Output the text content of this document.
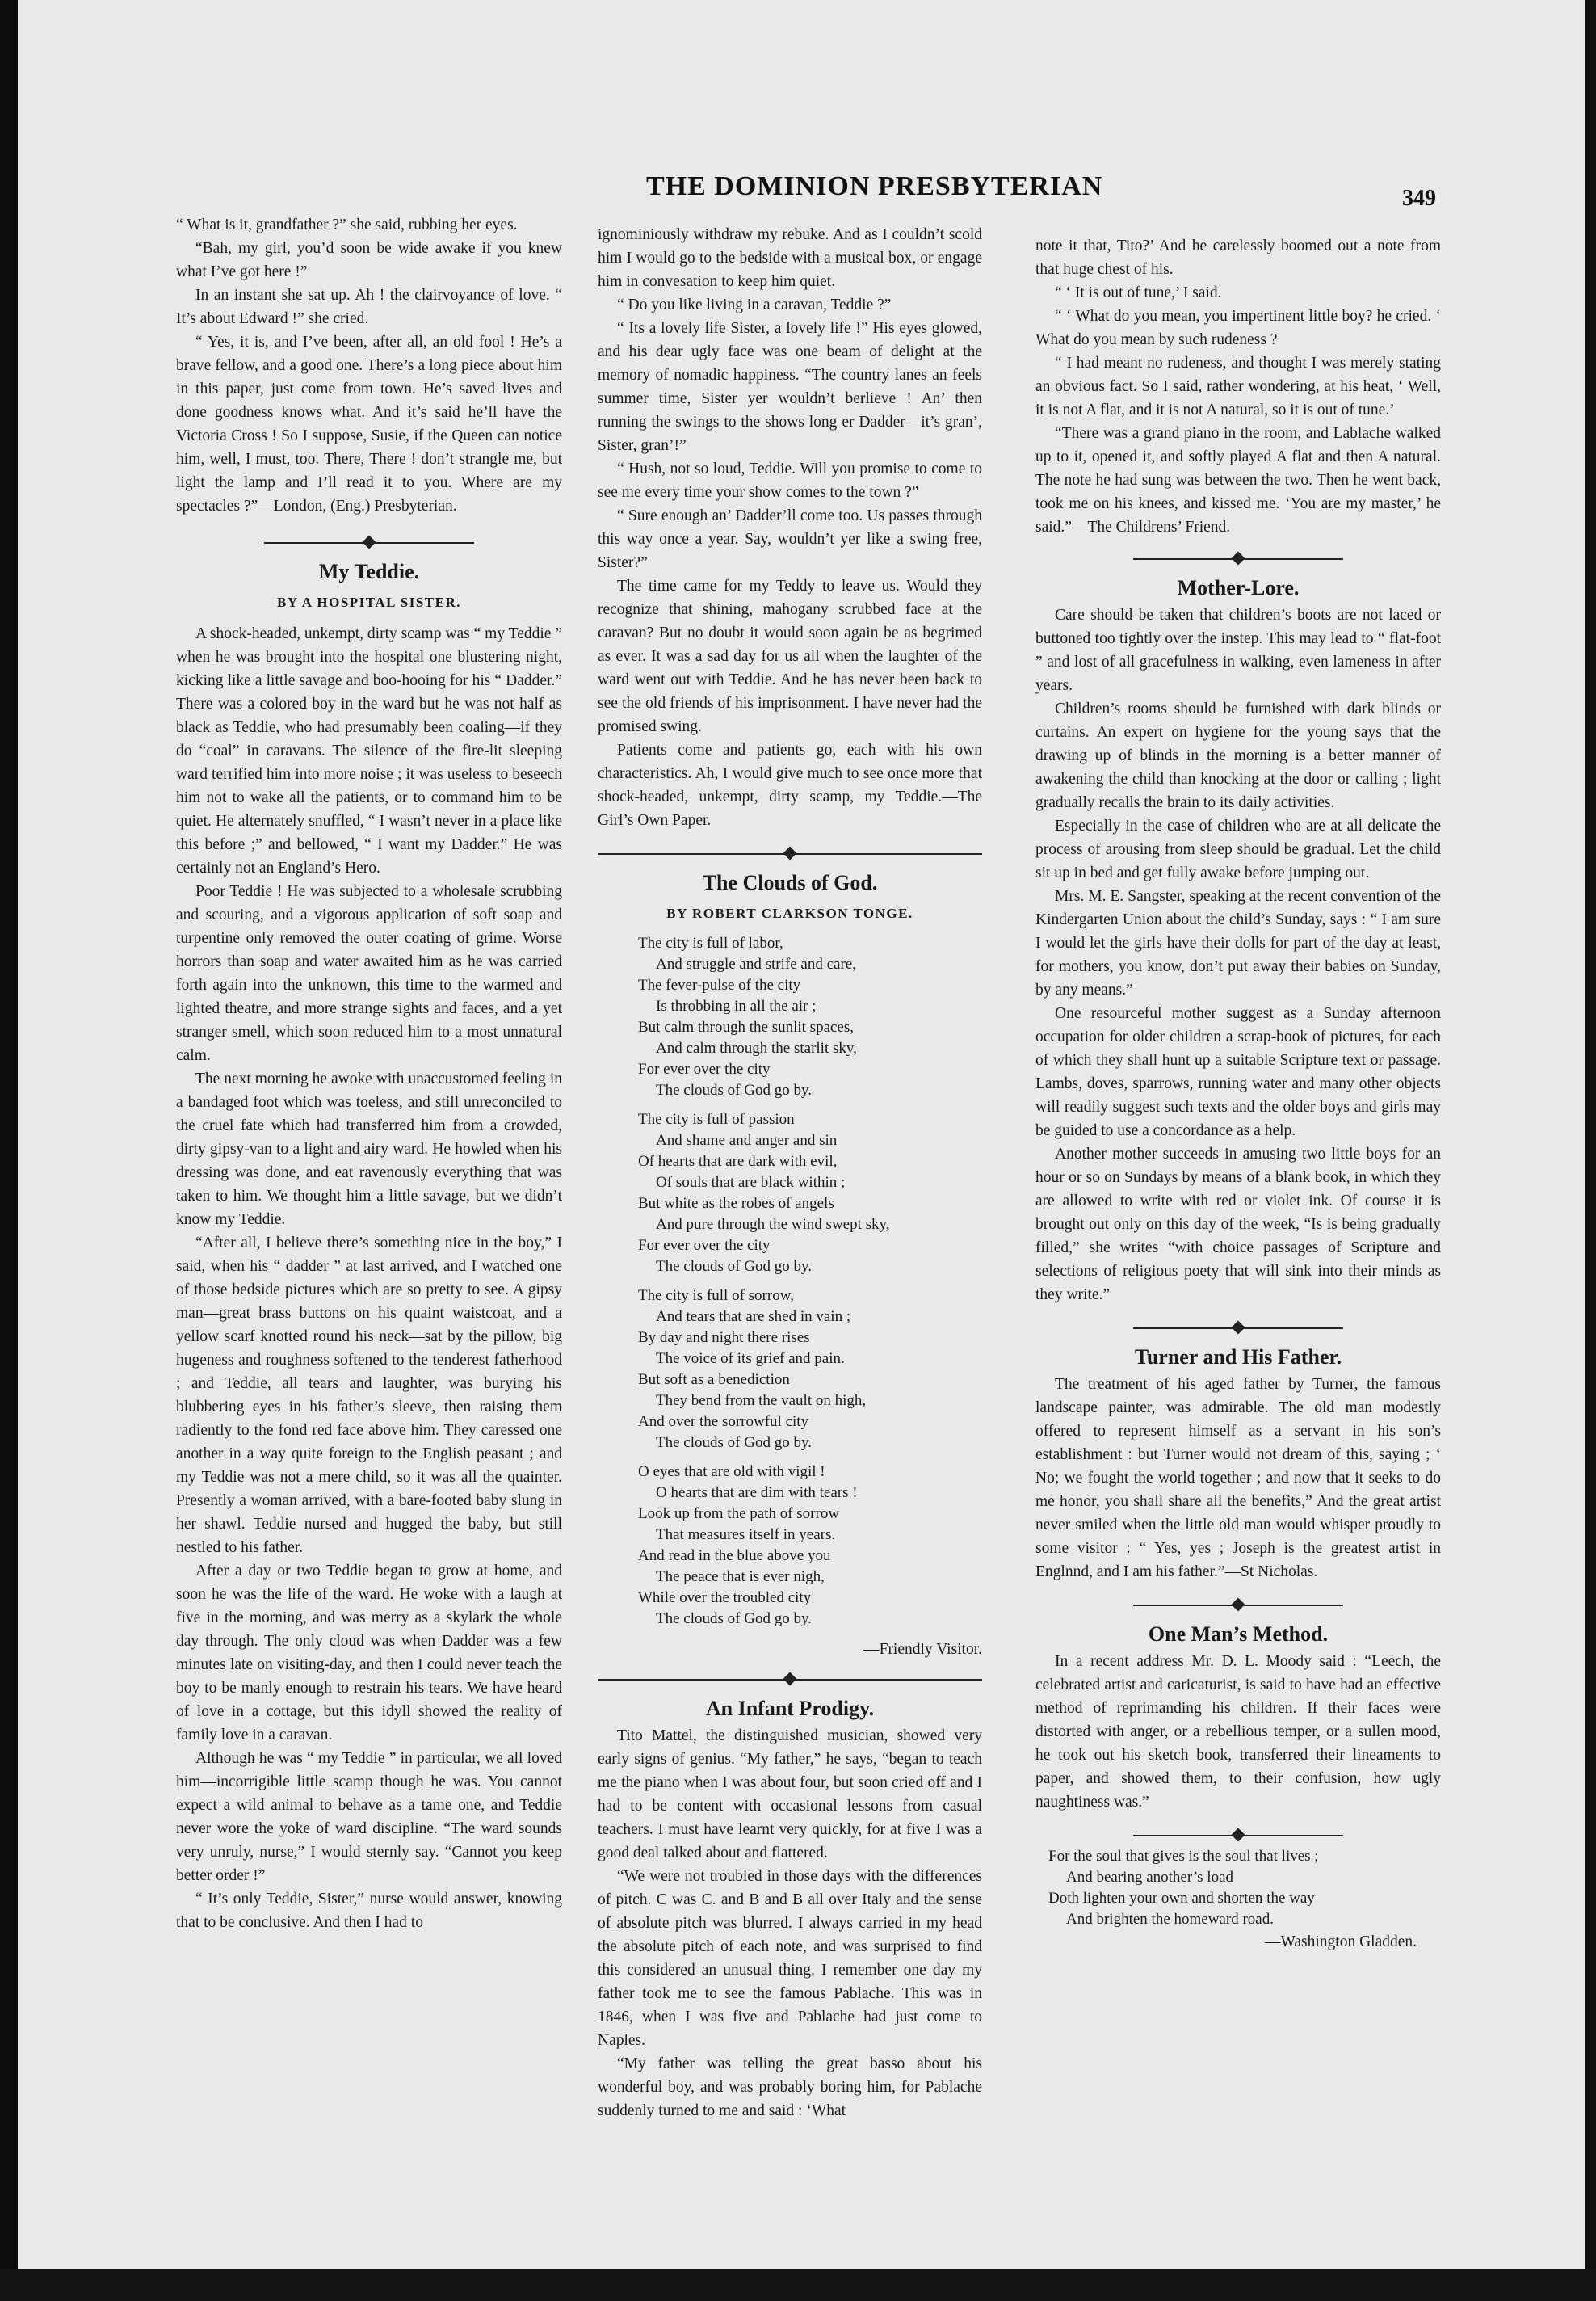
THE DOMINION PRESBYTERIAN	349

“ What is it, grandfather ?” she said, rubbing her eyes.

“Bah, my girl, you’d soon be wide awake if you knew what I’ve got here !”

In an instant she sat up. Ah ! the clairvoyance of love. “ It’s about Edward !” she cried.

“ Yes, it is, and I’ve been, after all, an old fool ! He’s a brave fellow, and a good one. There’s a long piece about him in this paper, just come from town. He’s saved lives and done goodness knows what. And it’s said he’ll have the Victoria Cross ! So I suppose, Susie, if the Queen can notice him, well, I must, too. There, There ! don’t strangle me, but light the lamp and I’ll read it to you. Where are my spectacles ?”—London, (Eng.) Presbyterian.

My Teddie.
BY A HOSPITAL SISTER.

A shock-headed, unkempt, dirty scamp was “ my Teddie ” when he was brought into the hospital one blustering night, kicking like a little savage and boo-hooing for his “ Dadder.” There was a colored boy in the ward but he was not half as black as Teddie, who had presumably been coaling—if they do “coal” in caravans. The silence of the fire-lit sleeping ward terrified him into more noise ; it was useless to beseech him not to wake all the patients, or to command him to be quiet. He alternately snuffled, “ I wasn’t never in a place like this before ;” and bellowed, “ I want my Dadder.” He was certainly not an England’s Hero.

Poor Teddie ! He was subjected to a wholesale scrubbing and scouring, and a vigorous application of soft soap and turpentine only removed the outer coating of grime. Worse horrors than soap and water awaited him as he was carried forth again into the unknown, this time to the warmed and lighted theatre, and more strange sights and faces, and a yet stranger smell, which soon reduced him to a most unnatural calm.

The next morning he awoke with unaccustomed feeling in a bandaged foot which was toeless, and still unreconciled to the cruel fate which had transferred him from a crowded, dirty gipsy-van to a light and airy ward. He howled when his dressing was done, and eat ravenously everything that was taken to him. We thought him a little savage, but we didn’t know my Teddie.

“After all, I believe there’s something nice in the boy,” I said, when his “ dadder ” at last arrived, and I watched one of those bedside pictures which are so pretty to see. A gipsy man—great brass buttons on his quaint waistcoat, and a yellow scarf knotted round his neck—sat by the pillow, big hugeness and roughness softened to the tenderest fatherhood ; and Teddie, all tears and laughter, was burying his blubbering eyes in his father’s sleeve, then raising them radiently to the fond red face above him. They caressed one another in a way quite foreign to the English peasant ; and my Teddie was not a mere child, so it was all the quainter. Presently a woman arrived, with a bare-footed baby slung in her shawl. Teddie nursed and hugged the baby, but still nestled to his father.

After a day or two Teddie began to grow at home, and soon he was the life of the ward. He woke with a laugh at five in the morning, and was merry as a skylark the whole day through. The only cloud was when Dadder was a few minutes late on visiting-day, and then I could never teach the boy to be manly enough to restrain his tears. We have heard of love in a cottage, but this idyll showed the reality of family love in a caravan.

Although he was “ my Teddie ” in particular, we all loved him—incorrigible little scamp though he was. You cannot expect a wild animal to behave as a tame one, and Teddie never wore the yoke of ward discipline. “The ward sounds very unruly, nurse,” I would sternly say. “Cannot you keep better order !”

“ It’s only Teddie, Sister,” nurse would answer, knowing that to be conclusive. And then I had to

ignominiously withdraw my rebuke. And as I couldn’t scold him I would go to the bedside with a musical box, or engage him in convesation to keep him quiet.

“ Do you like living in a caravan, Teddie ?”

“ Its a lovely life Sister, a lovely life !” His eyes glowed, and his dear ugly face was one beam of delight at the memory of nomadic happiness. “The country lanes an feels summer time, Sister yer wouldn’t berlieve ! An’ then running the swings to the shows long er Dadder—it’s gran’, Sister, gran’!”

“ Hush, not so loud, Teddie. Will you promise to come to see me every time your show comes to the town ?”

“ Sure enough an’ Dadder’ll come too. Us passes through this way once a year. Say, wouldn’t yer like a swing free, Sister?”

The time came for my Teddy to leave us. Would they recognize that shining, mahogany scrubbed face at the caravan? But no doubt it would soon again be as begrimed as ever. It was a sad day for us all when the laughter of the ward went out with Teddie. And he has never been back to see the old friends of his imprisonment. I have never had the promised swing.

Patients come and patients go, each with his own characteristics. Ah, I would give much to see once more that shock-headed, unkempt, dirty scamp, my Teddie.—The Girl’s Own Paper.

The Clouds of God.
BY ROBERT CLARKSON TONGE.
The city is full of labor,
And struggle and strife and care,
The fever-pulse of the city
Is throbbing in all the air ;
But calm through the sunlit spaces,
And calm through the starlit sky,
For ever over the city
The clouds of God go by.
The city is full of passion
And shame and anger and sin
Of hearts that are dark with evil,
Of souls that are black within ;
But white as the robes of angels
And pure through the wind swept sky,
For ever over the city
The clouds of God go by.
The city is full of sorrow,
And tears that are shed in vain ;
By day and night there rises
The voice of its grief and pain.
But soft as a benediction
They bend from the vault on high,
And over the sorrowful city
The clouds of God go by.
O eyes that are old with vigil !
O hearts that are dim with tears !
Look up from the path of sorrow
That measures itself in years.
And read in the blue above you
The peace that is ever nigh,
While over the troubled city
The clouds of God go by.

—Friendly Visitor.

An Infant Prodigy.

Tito Mattel, the distinguished musician, showed very early signs of genius. “My father,” he says, “began to teach me the piano when I was about four, but soon cried off and I had to be content with occasional lessons from casual teachers. I must have learnt very quickly, for at five I was a good deal talked about and flattered.

“We were not troubled in those days with the differences of pitch. C was C. and B and B all over Italy and the sense of absolute pitch was blurred. I always carried in my head the absolute pitch of each note, and was surprised to find this considered an unusual thing. I remember one day my father took me to see the famous Pablache. This was in 1846, when I was five and Pablache had just come to Naples.

“My father was telling the great basso about his wonderful boy, and was probably boring him, for Pablache suddenly turned to me and said : ‘What

note it that, Tito?’ And he carelessly boomed out a note from that huge chest of his.

“ ‘ It is out of tune,’ I said.

“ ‘ What do you mean, you impertinent little boy? he cried. ‘ What do you mean by such rudeness ?

“ I had meant no rudeness, and thought I was merely stating an obvious fact. So I said, rather wondering, at his heat, ‘ Well, it is not A flat, and it is not A natural, so it is out of tune.’

“There was a grand piano in the room, and Lablache walked up to it, opened it, and softly played A flat and then A natural. The note he had sung was between the two. Then he went back, took me on his knees, and kissed me. ‘You are my master,’ he said.”—The Childrens’ Friend.

Mother-Lore.

Care should be taken that children’s boots are not laced or buttoned too tightly over the instep. This may lead to “ flat-foot ” and lost of all gracefulness in walking, even lameness in after years.

Children’s rooms should be furnished with dark blinds or curtains. An expert on hygiene for the young says that the drawing up of blinds in the morning is a better manner of awakening the child than knocking at the door or calling ; light gradually recalls the brain to its daily activities.

Especially in the case of children who are at all delicate the process of arousing from sleep should be gradual. Let the child sit up in bed and get fully awake before jumping out.

Mrs. M. E. Sangster, speaking at the recent convention of the Kindergarten Union about the child’s Sunday, says : “ I am sure I would let the girls have their dolls for part of the day at least, for mothers, you know, don’t put away their babies on Sunday, by any means.”

One resourceful mother suggest as a Sunday afternoon occupation for older children a scrap-book of pictures, for each of which they shall hunt up a suitable Scripture text or passage. Lambs, doves, sparrows, running water and many other objects will readily suggest such texts and the older boys and girls may be guided to use a concordance as a help.

Another mother succeeds in amusing two little boys for an hour or so on Sundays by means of a blank book, in which they are allowed to write with red or violet ink. Of course it is brought out only on this day of the week, “Is is being gradually filled,” she writes “with choice passages of Scripture and selections of religious poety that will sink into their minds as they write.”

Turner and His Father.

The treatment of his aged father by Turner, the famous landscape painter, was admirable. The old man modestly offered to represent himself as a servant in his son’s establishment : but Turner would not dream of this, saying ; ‘ No; we fought the world together ; and now that it seeks to do me honor, you shall share all the benefits,” And the great artist never smiled when the little old man would whisper proudly to some visitor : “ Yes, yes ; Joseph is the greatest artist in Englnnd, and I am his father.”—St Nicholas.

One Man’s Method.

In a recent address Mr. D. L. Moody said : “Leech, the celebrated artist and caricaturist, is said to have had an effective method of reprimanding his children. If their faces were distorted with anger, or a rebellious temper, or a sullen mood, he took out his sketch book, transferred their lineaments to paper, and showed them, to their confusion, how ugly naughtiness was.”

For the soul that gives is the soul that lives ;
And bearing another’s load
Doth lighten your own and shorten the way
And brighten the homeward road.

—Washington Gladden.
